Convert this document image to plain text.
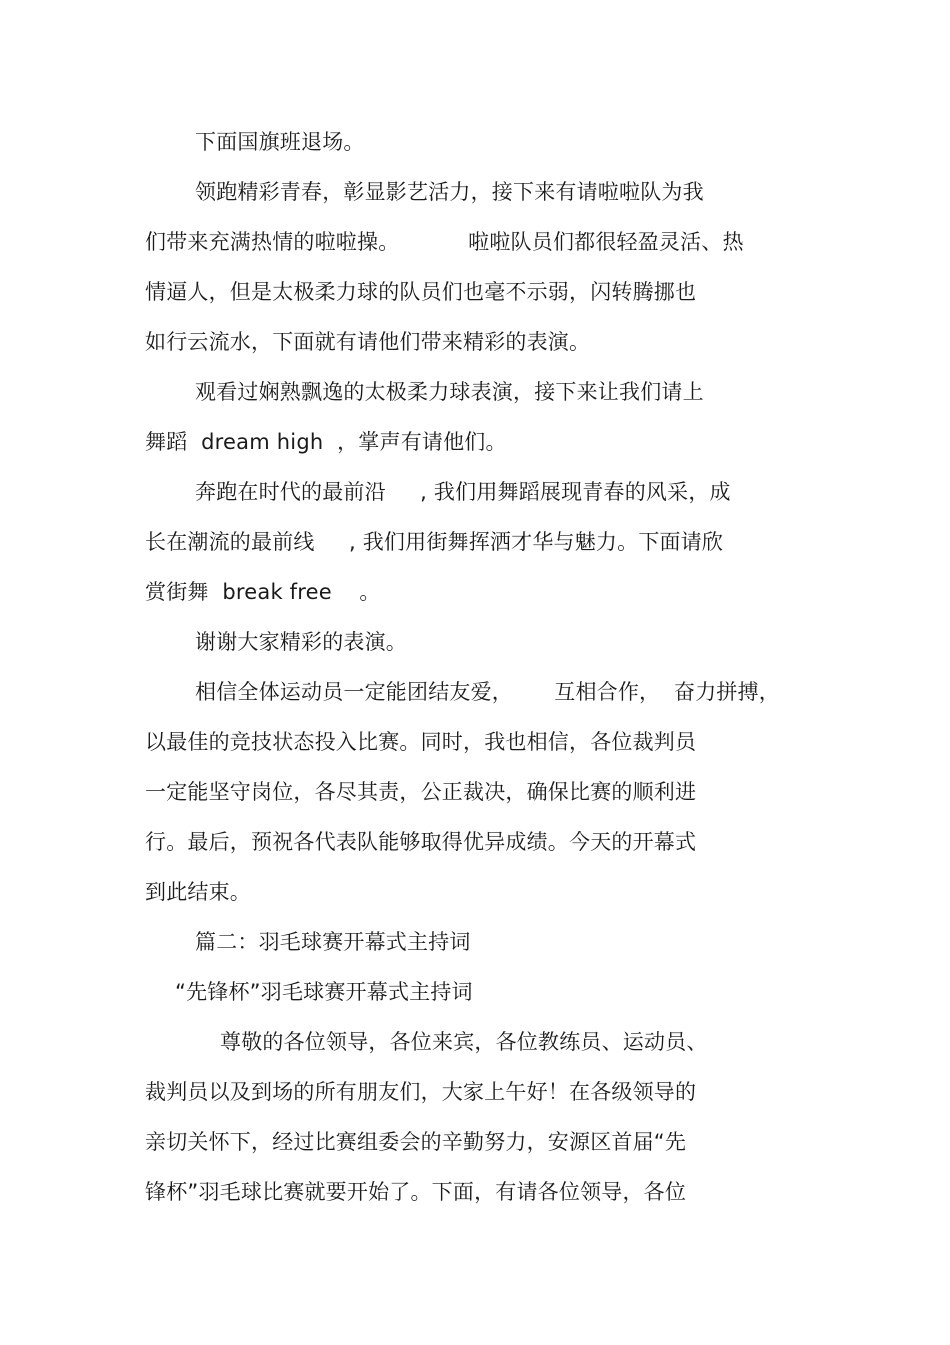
下面国旗班退场。
领跑精彩青春，彰显影艺活力，接下来有请啦啦队为我
们带来充满热情的啦啦操。          啦啦队员们都很轻盈灵活、热
情逼人，但是太极柔力球的队员们也毫不示弱，闪转腾挪也
如行云流水，下面就有请他们带来精彩的表演。
观看过娴熟飘逸的太极柔力球表演，接下来让我们请上
舞蹈  dream high  ，掌声有请他们。
奔跑在时代的最前沿     , 我们用舞蹈展现青春的风采，成
长在潮流的最前线     , 我们用街舞挥洒才华与魅力。下面请欣
赏街舞  break free    。
谢谢大家精彩的表演。
相信全体运动员一定能团结友爱，      互相合作，  奋力拼搏，
以最佳的竞技状态投入比赛。同时，我也相信，各位裁判员
一定能坚守岗位，各尽其责，公正裁决，确保比赛的顺利进
行。最后，预祝各代表队能够取得优异成绩。今天的开幕式
到此结束。
篇二：羽毛球赛开幕式主持词
“先锋杯”羽毛球赛开幕式主持词
尊敬的各位领导，各位来宾，各位教练员、运动员、
裁判员以及到场的所有朋友们，大家上午好！在各级领导的
亲切关怀下，经过比赛组委会的辛勤努力，安源区首届“先
锋杯”羽毛球比赛就要开始了。下面，有请各位领导，各位
